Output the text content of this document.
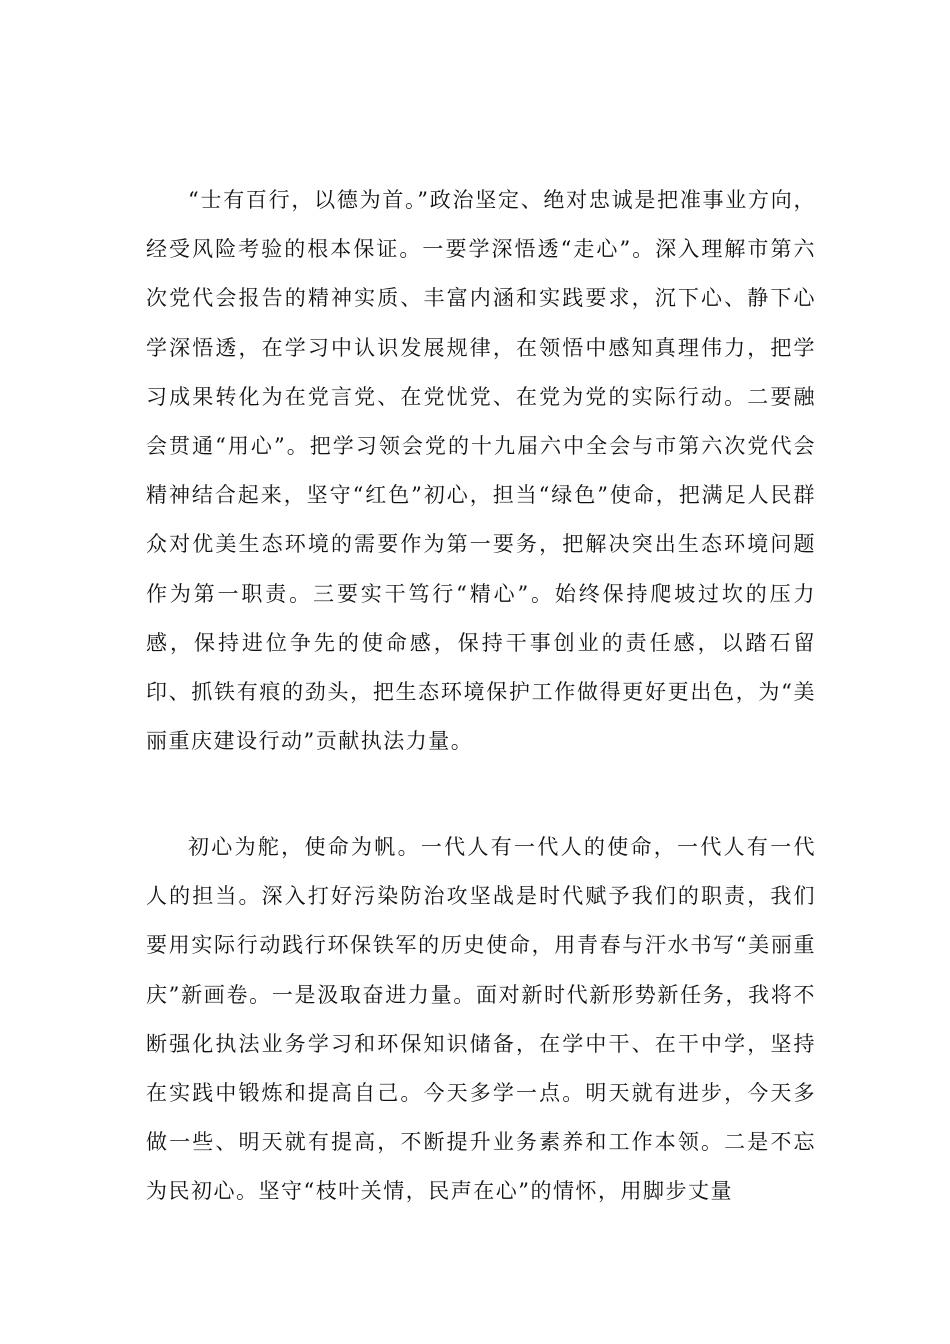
“士有百行，以德为首。”政治坚定、绝对忠诚是把准事业方向，经受风险考验的根本保证。一要学深悟透“走心”。深入理解市第六次党代会报告的精神实质、丰富内涵和实践要求，沉下心、静下心学深悟透，在学习中认识发展规律，在领悟中感知真理伟力，把学习成果转化为在党言党、在党忧党、在党为党的实际行动。二要融会贯通“用心”。把学习领会党的十九届六中全会与市第六次党代会精神结合起来，坚守“红色”初心，担当“绿色”使命，把满足人民群众对优美生态环境的需要作为第一要务，把解决突出生态环境问题作为第一职责。三要实干笃行“精心”。始终保持爬坡过坎的压力感，保持进位争先的使命感，保持干事创业的责任感，以踏石留印、抓铁有痕的劲头，把生态环境保护工作做得更好更出色，为“美丽重庆建设行动”贡献执法力量。

初心为舵，使命为帆。一代人有一代人的使命，一代人有一代人的担当。深入打好污染防治攻坚战是时代赋予我们的职责，我们要用实际行动践行环保铁军的历史使命，用青春与汗水书写“美丽重庆”新画卷。一是汲取奋进力量。面对新时代新形势新任务，我将不断强化执法业务学习和环保知识储备，在学中干、在干中学，坚持在实践中锻炼和提高自己。今天多学一点。明天就有进步，今天多做一些、明天就有提高，不断提升业务素养和工作本领。二是不忘为民初心。坚守“枝叶关情，民声在心”的情怀，用脚步丈量
